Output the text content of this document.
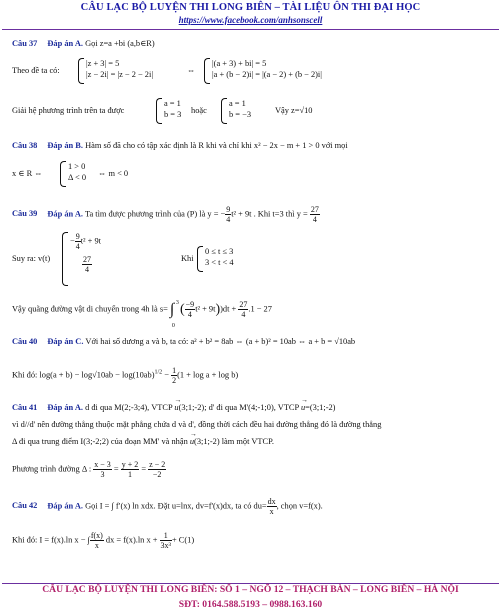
CÂU LẠC BỘ LUYỆN THI LONG BIÊN – TÀI LIỆU ÔN THI ĐẠI HỌC
https://www.facebook.com/anhsonscell
Câu 37 Đáp án A. Gọi z=a +bi (a,b∈R)
Theo đề ta có:
|z + 3| = 5
|z − 2i| = |z − 2 − 2i|	⇔
|(a + 3) + bi| = 5
|a + (b − 2)i| = |(a − 2) + (b − 2)i|
Giải hệ phương trình trên ta được
a = 1
b = 3 hoặc
a = 1
b = −3	Vậy z=√10
Câu 38 Đáp án B. Hàm số đã cho có tập xác định là R khi và chỉ khi x² − 2x − m + 1 > 0 với mọi
x ∈ R ⇔
1 > 0
Δ < 0 ⇔ m < 0
Câu 39 Đáp án A. Ta tìm được phương trình của (P) là y = − $\frac{9}{4} t^2 + 9t$ . Khi t=3 thì $y = \frac{27}{4}$
Suy ra: v(t)
− $\frac{9}{4} t^2 + 9t$
$\frac{27}{4}$	Khi
0 ≤ t ≤ 3
3 < t < 4
Vậy quãng đường vật di chuyển trong 4h là s= ∫ 3
0
( $\frac{-9}{4} t^2 + 9t))dt + \frac{27}{4} .1 - 27$
Câu 40 Đáp án C. Với hai số dương a và b, ta có: a² + b² = 8ab ⇔ (a + b)² = 10ab ⇔ a + b = √10ab
Khi đó: $\log(a + b) - \log√10ab - \log(10ab)^{1/2} - \frac{1}{2} (1 + \log a + \log b)$
Câu 41 Đáp án A. d đi qua M(2;-3;4), VTCP → u(3;1;-2); d' đi qua M'(4;-1;0), VTCP → u=(3;1;-2)
vì d//d' nên đường thẳng thuộc mặt phẳng chứa d và d', đồng thời cách đều hai đường thẳng đó là đường thẳng
Δ đi qua trung điểm I(3;-2;2) của đoạn MM' và nhận → u(3;1;-2) làm một VTCP.
Phương trình đường Δ : $\frac{x - 3}{3} = \frac{y + 2}{1} = \frac{z - 2}{-2}$
Câu 42 Đáp án A. Gọi I = ∫ f′(x) ln xdx. Đặt u=lnx, dv=f'(x)dx, ta có $du= \frac{dx}{x}$ , chọn v=f(x).
Khi đó: I = f(x).ln x − ∫ $\frac{f(x)}{x}$ dx = f(x).ln $x + \frac{1}{\text{3x³}} + C(1)$
CÂU LẠC BỘ LUYỆN THI LONG BIÊN: SỐ 1 – NGÕ 12 – THẠCH BÀN – LONG BIÊN – HÀ NỘI
SĐT: 0164.588.5193 – 0988.163.160
